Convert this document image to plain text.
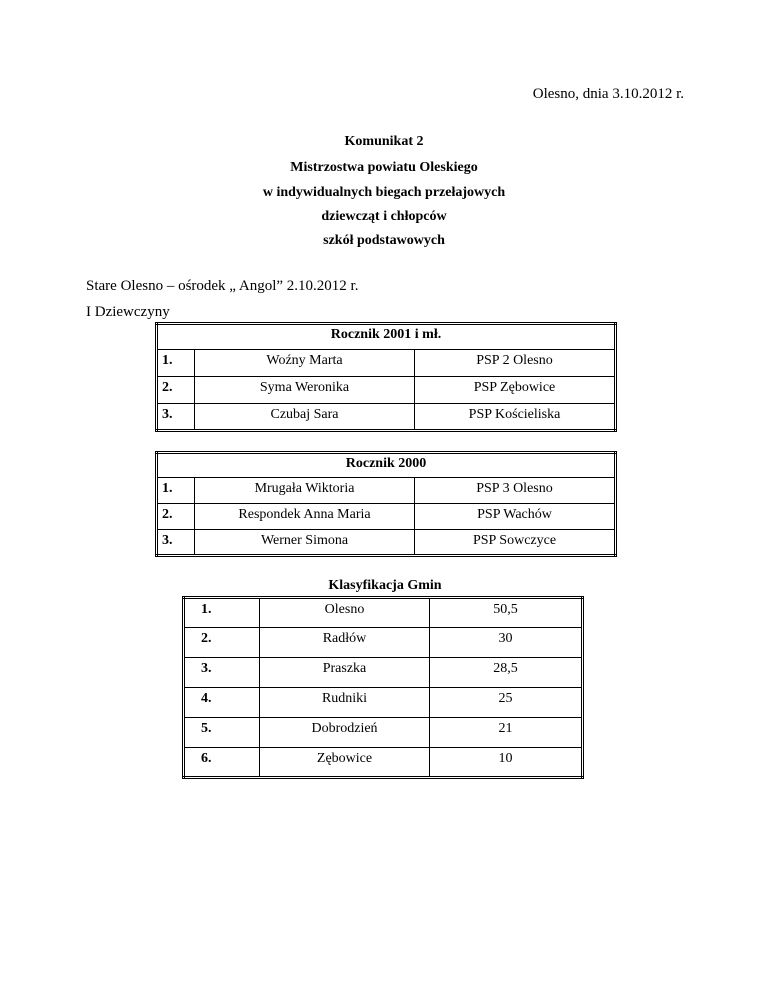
Olesno, dnia 3.10.2012 r.
Komunikat 2
Mistrzostwa powiatu Oleskiego
w indywidualnych biegach przełajowych
dziewcząt i chłopców
szkół podstawowych
Stare Olesno – ośrodek „ Angol” 2.10.2012 r.
I Dziewczyny
Rocznik 2001 i mł.		
1.	Woźny Marta	PSP 2 Olesno
2.	Syma Weronika	PSP Zębowice
3.	Czubaj Sara	PSP Kościeliska
Rocznik 2000		
1.	Mrugała Wiktoria	PSP 3 Olesno
2.	Respondek Anna Maria	PSP Wachów
3.	Werner Simona	PSP Sowczyce
Klasyfikacja Gmin
1.	Olesno	50,5
2.	Radłów	30
3.	Praszka	28,5
4.	Rudniki	25
5.	Dobrodzień	21
6.	Zębowice	10
